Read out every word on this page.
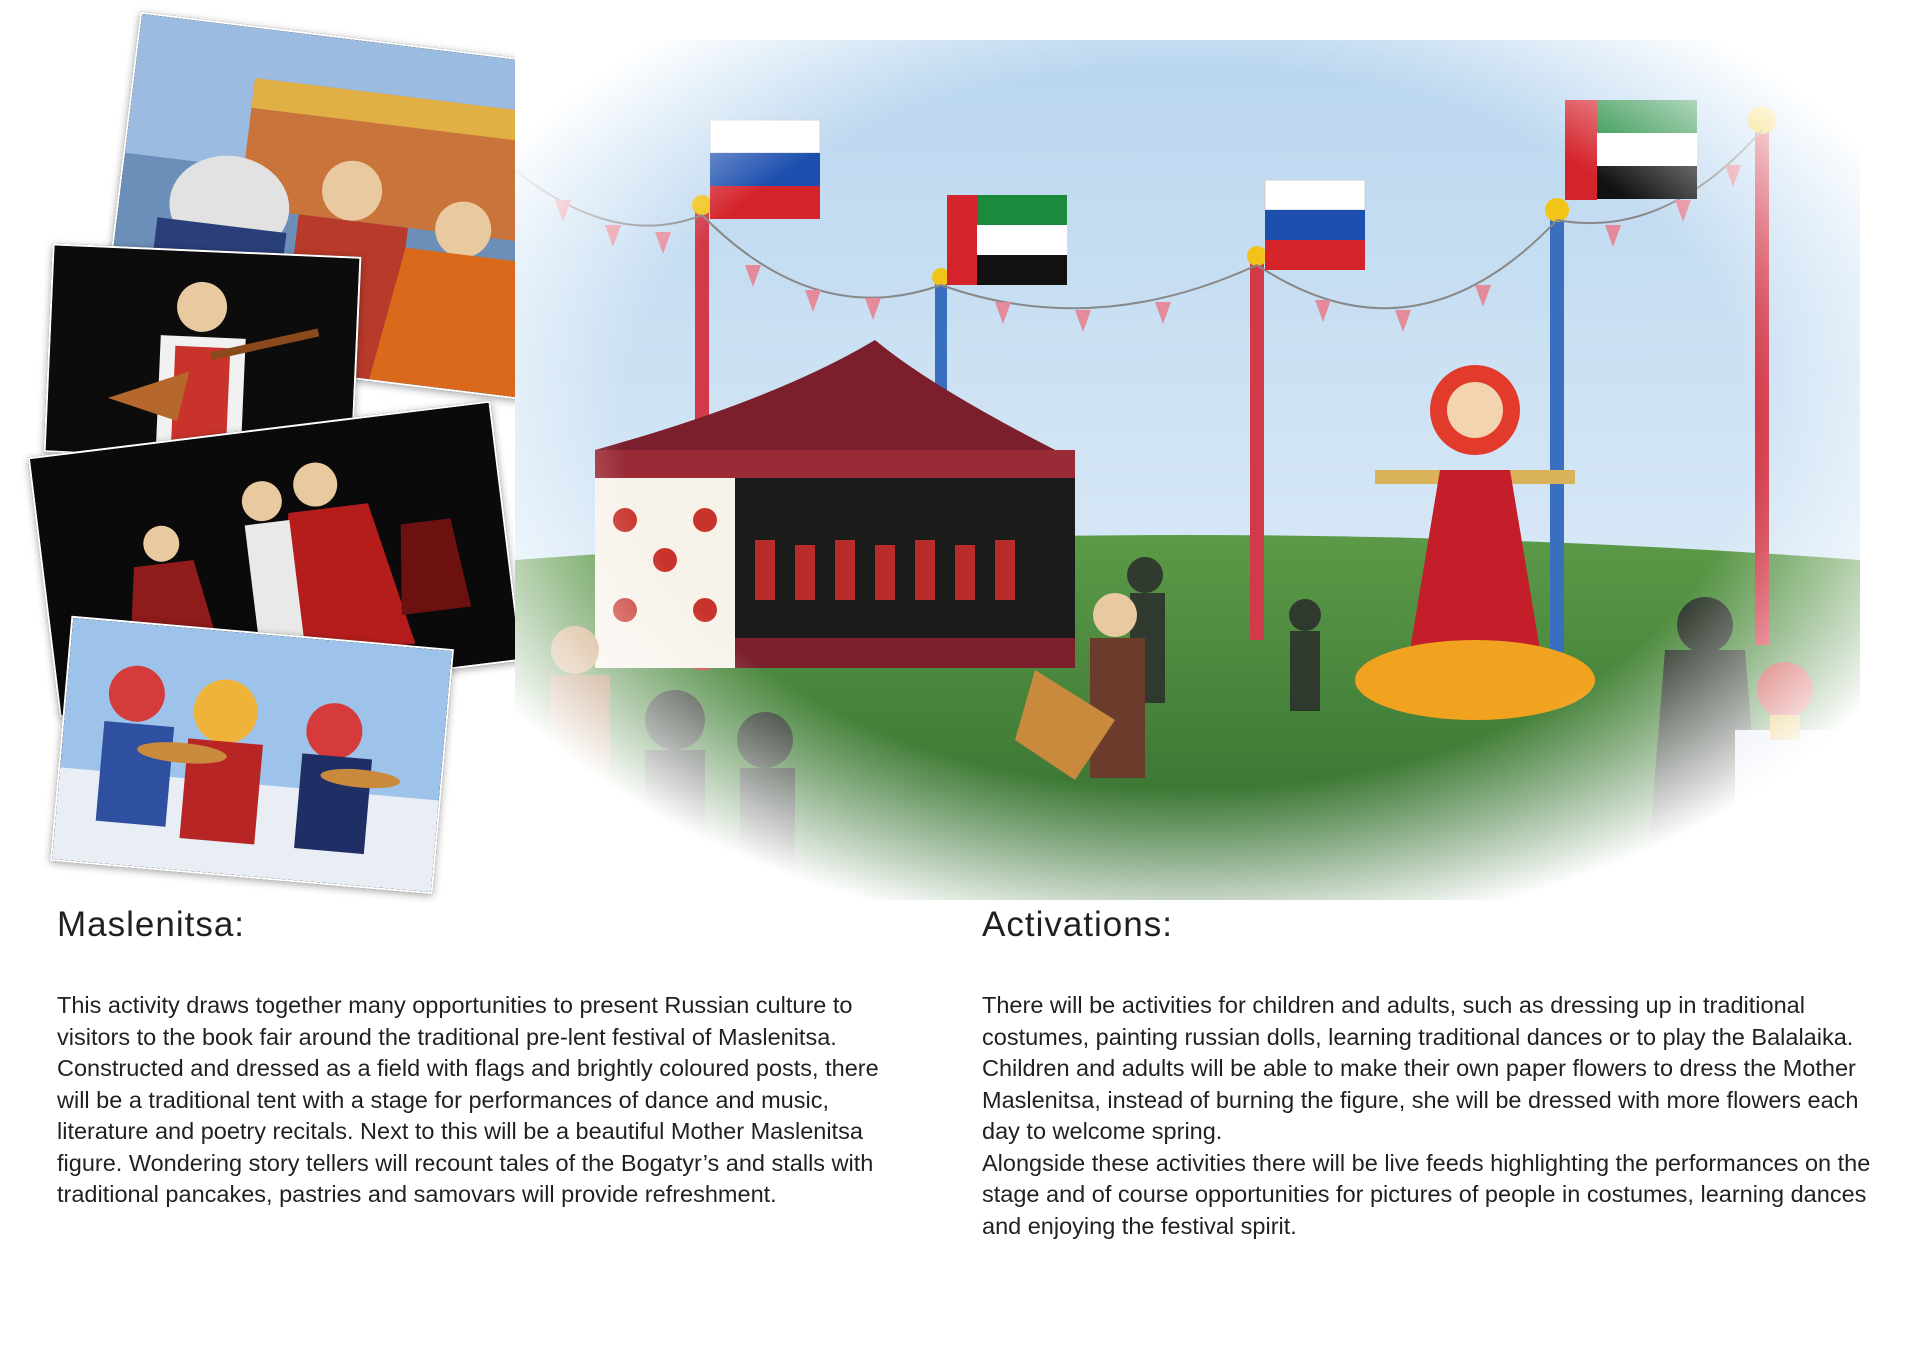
Maslenitsa:

This activity draws together many opportunities to present Russian culture to visitors to the book fair around the traditional pre-lent festival of Maslenitsa.

Constructed and dressed as a field with flags and brightly coloured posts, there will be a traditional tent with a stage for performances of dance and music, literature and poetry recitals. Next to this will be a beautiful Mother Maslenitsa figure. Wondering story tellers will recount tales of the Bogatyr’s and stalls with traditional pancakes, pastries and samovars will provide refreshment.

Activations:

There will be activities for children and adults, such as dressing up in traditional costumes, painting russian dolls, learning traditional dances or to play the Balalaika.

Children and adults will be able to make their own paper flowers to dress the Mother Maslenitsa, instead of burning the figure, she will be dressed with more flowers each day to welcome spring.

Alongside these activities there will be live feeds highlighting the performances on the stage and of course opportunities for pictures of people in costumes, learning dances and enjoying the festival spirit.
